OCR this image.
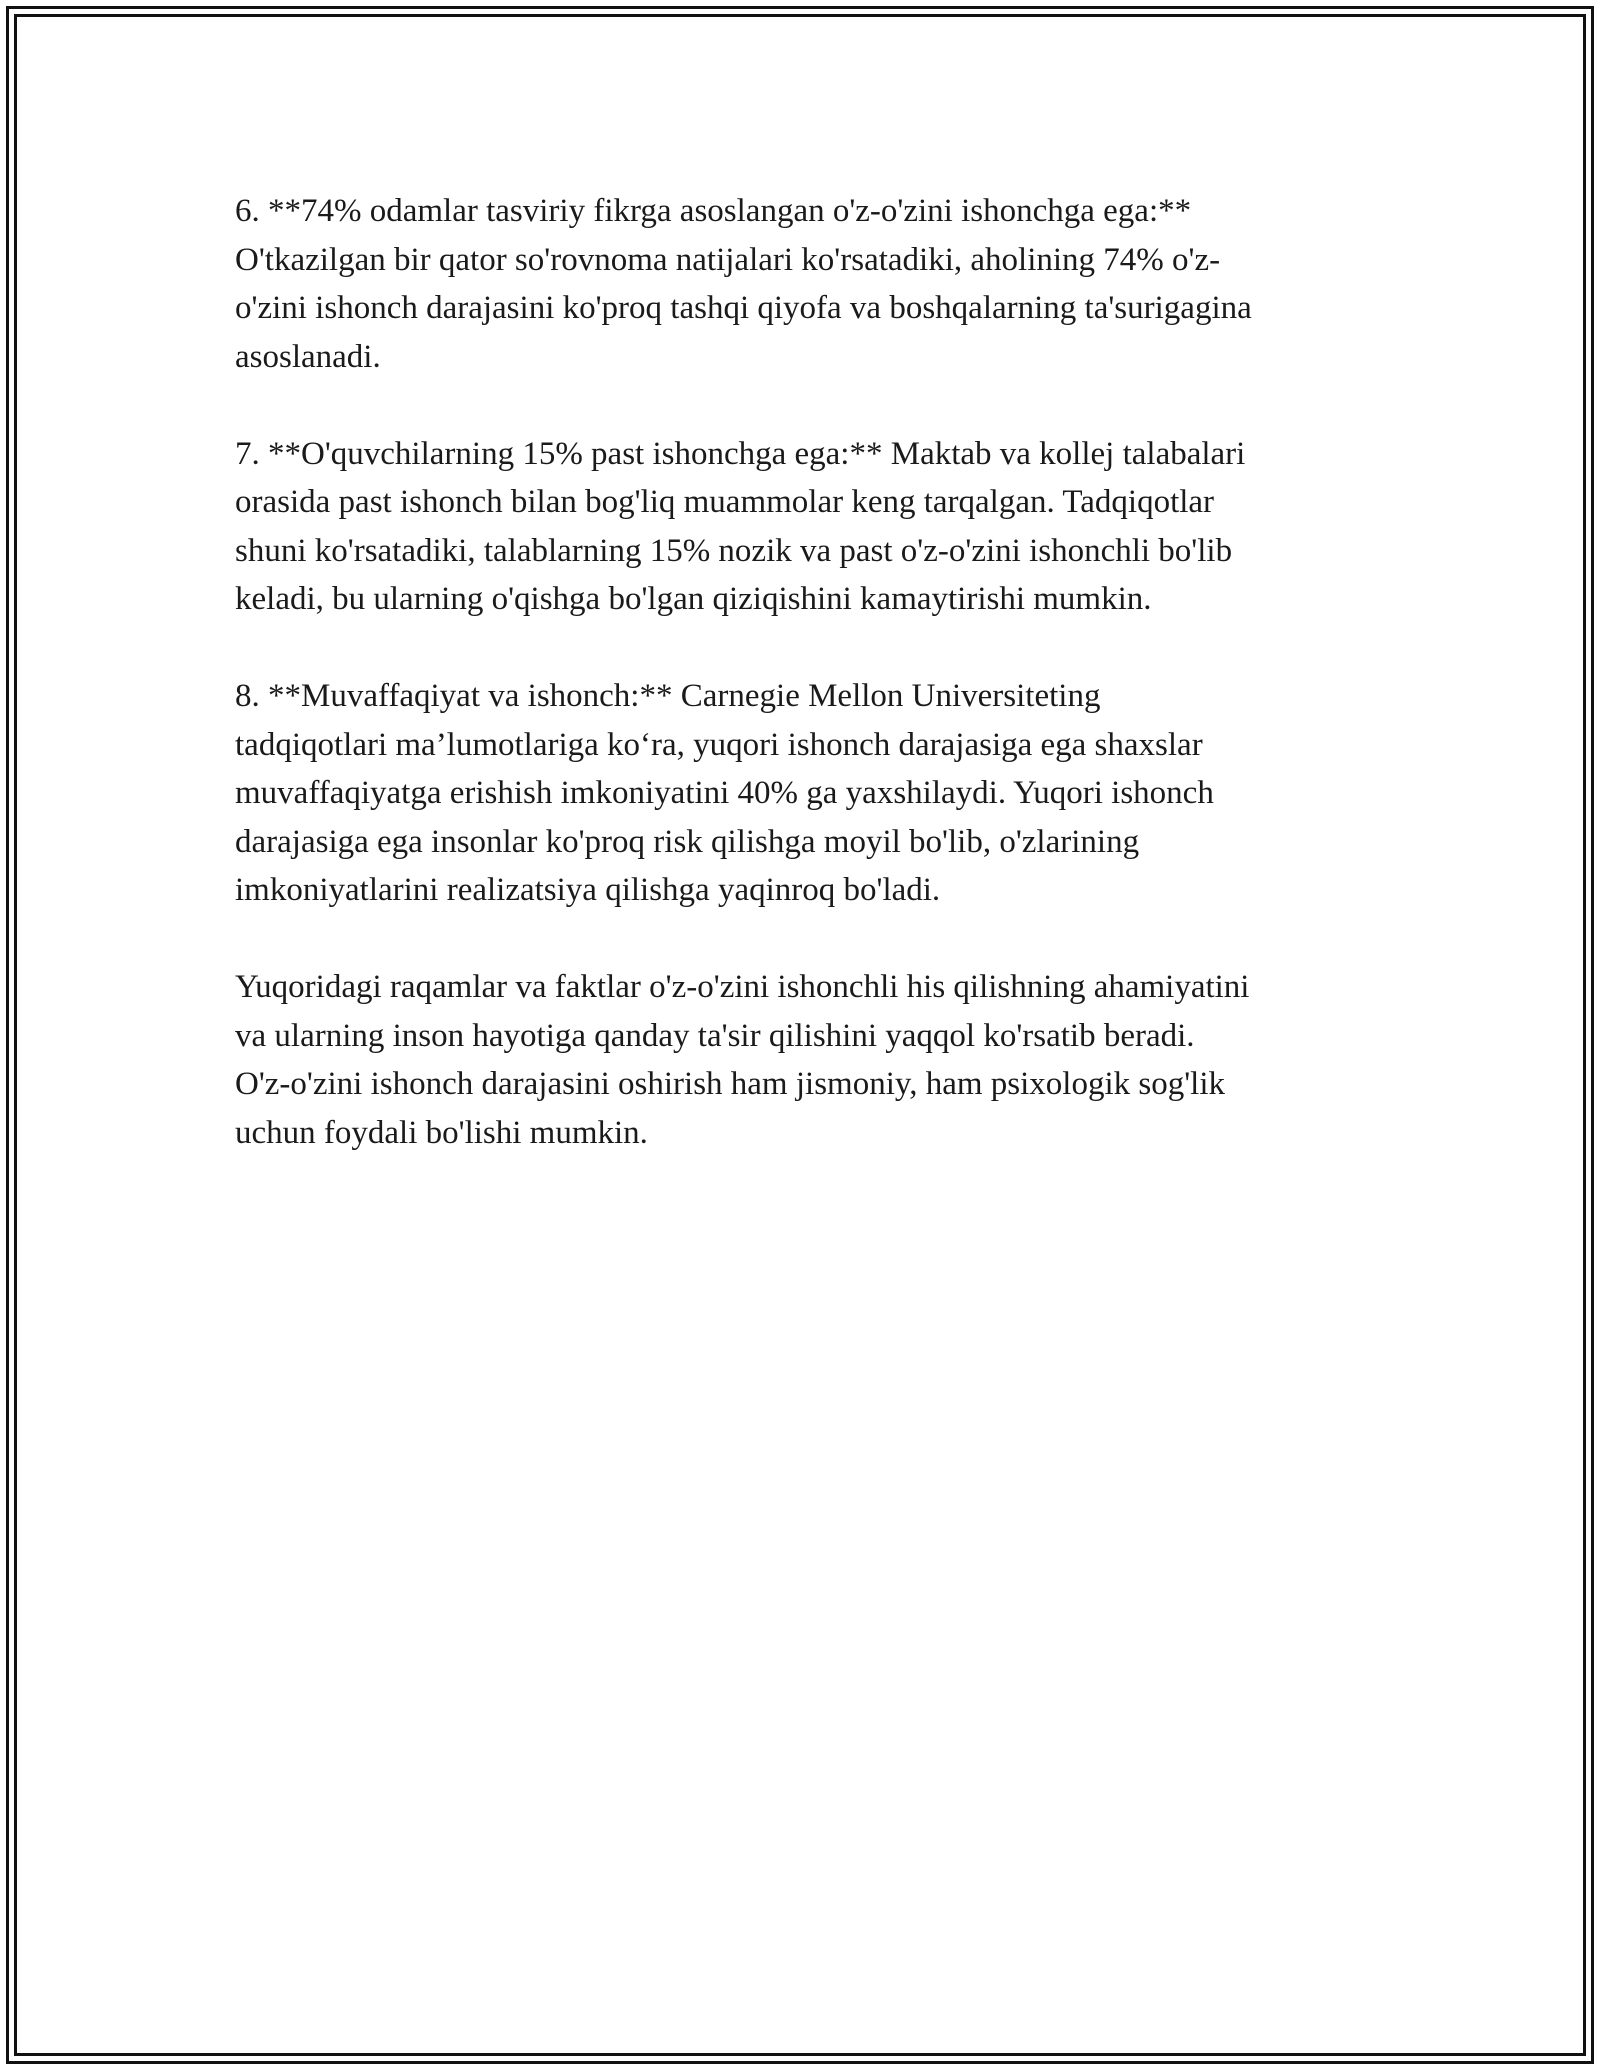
6. **74% odamlar tasviriy fikrga asoslangan o'z-o'zini ishonchga ega:**
O'tkazilgan bir qator so'rovnoma natijalari ko'rsatadiki, aholining 74% o'z-
o'zini ishonch darajasini ko'proq tashqi qiyofa va boshqalarning ta'surigagina
asoslanadi.

7. **O'quvchilarning 15% past ishonchga ega:** Maktab va kollej talabalari
orasida past ishonch bilan bog'liq muammolar keng tarqalgan. Tadqiqotlar
shuni ko'rsatadiki, talablarning 15% nozik va past o'z-o'zini ishonchli bo'lib
keladi, bu ularning o'qishga bo'lgan qiziqishini kamaytirishi mumkin.

8. **Muvaffaqiyat va ishonch:** Carnegie Mellon Universiteting
tadqiqotlari ma’lumotlariga ko‘ra, yuqori ishonch darajasiga ega shaxslar
muvaffaqiyatga erishish imkoniyatini 40% ga yaxshilaydi. Yuqori ishonch
darajasiga ega insonlar ko'proq risk qilishga moyil bo'lib, o'zlarining
imkoniyatlarini realizatsiya qilishga yaqinroq bo'ladi.

Yuqoridagi raqamlar va faktlar o'z-o'zini ishonchli his qilishning ahamiyatini
va ularning inson hayotiga qanday ta'sir qilishini yaqqol ko'rsatib beradi.
O'z-o'zini ishonch darajasini oshirish ham jismoniy, ham psixologik sog'lik
uchun foydali bo'lishi mumkin.
